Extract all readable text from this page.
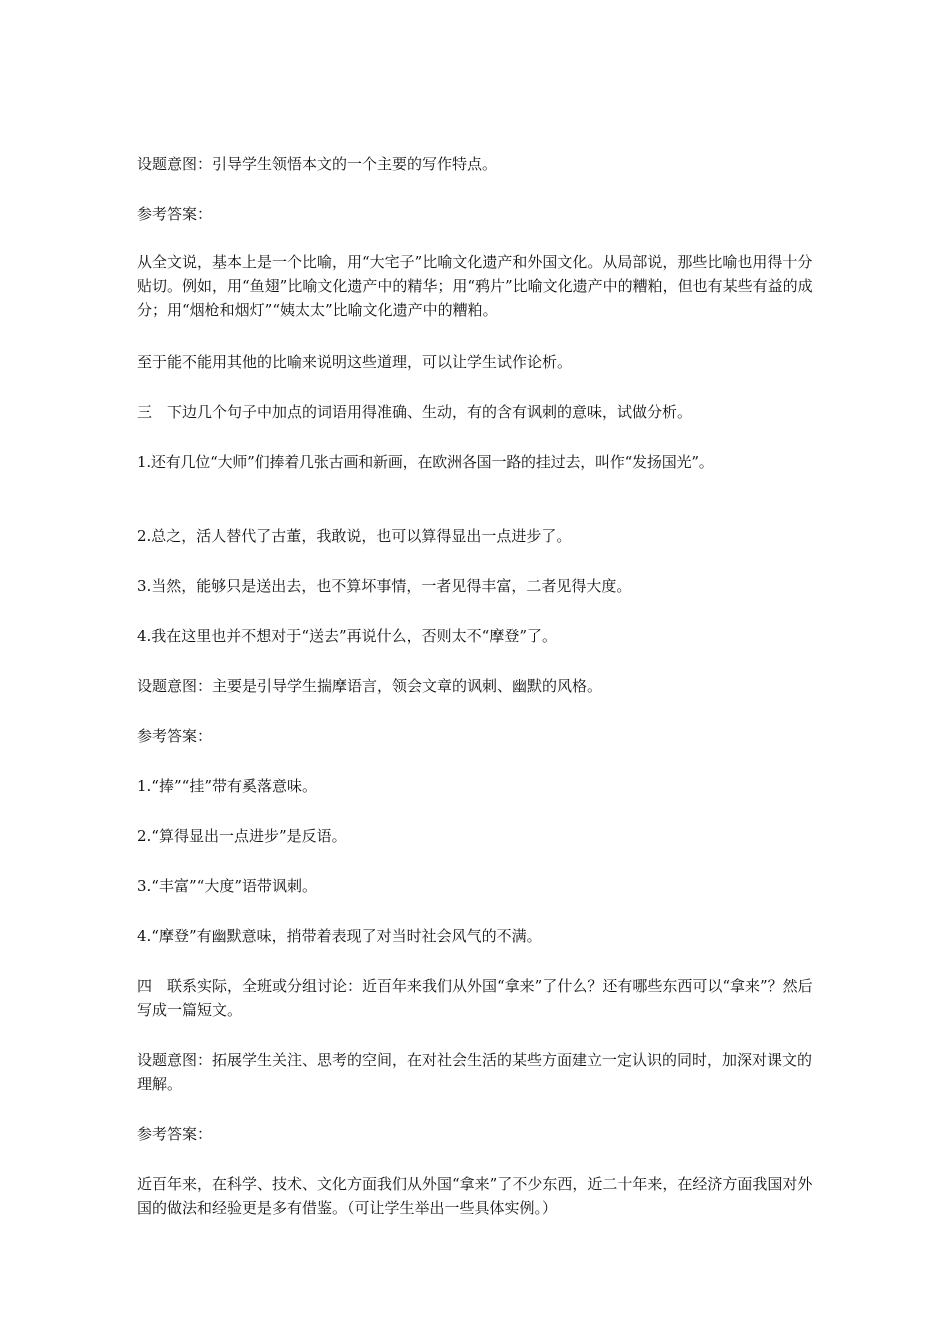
设题意图：引导学生领悟本文的一个主要的写作特点。

参考答案：

从全文说，基本上是一个比喻，用“大宅子”比喻文化遗产和外国文化。从局部说，那些比喻也用得十分贴切。例如，用“鱼翅”比喻文化遗产中的精华；用“鸦片”比喻文化遗产中的糟粕，但也有某些有益的成分；用“烟枪和烟灯”“姨太太”比喻文化遗产中的糟粕。

至于能不能用其他的比喻来说明这些道理，可以让学生试作论析。

三　下边几个句子中加点的词语用得准确、生动，有的含有讽刺的意味，试做分析。

1.还有几位“大师”们捧着几张古画和新画，在欧洲各国一路的挂过去，叫作“发扬国光”。

2.总之，活人替代了古董，我敢说，也可以算得显出一点进步了。

3.当然，能够只是送出去，也不算坏事情，一者见得丰富，二者见得大度。

4.我在这里也并不想对于“送去”再说什么，否则太不“摩登”了。

设题意图：主要是引导学生揣摩语言，领会文章的讽刺、幽默的风格。

参考答案：

1.“捧”“挂”带有奚落意味。

2.“算得显出一点进步”是反语。

3.“丰富”“大度”语带讽刺。

4.“摩登”有幽默意味，捎带着表现了对当时社会风气的不满。

四　联系实际，全班或分组讨论：近百年来我们从外国“拿来”了什么？还有哪些东西可以“拿来”？然后写成一篇短文。

设题意图：拓展学生关注、思考的空间，在对社会生活的某些方面建立一定认识的同时，加深对课文的理解。

参考答案：

近百年来，在科学、技术、文化方面我们从外国“拿来”了不少东西，近二十年来，在经济方面我国对外国的做法和经验更是多有借鉴。（可让学生举出一些具体实例。）
